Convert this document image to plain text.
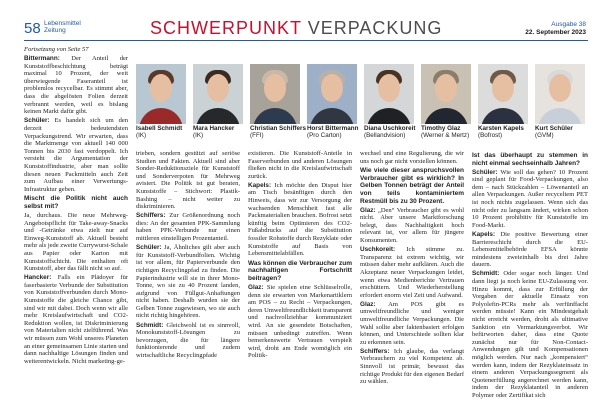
58 Lebensmittel
Zeitung	SCHWERPUNKT VERPACKUNG	Ausgabe 38
22. September 2023

Fortsetzung von Seite 57

Bittermann: Der Anteil der Kunststoffbeschichtung beträgt maximal 10 Prozent, der weit überwiegende Faseranteil ist problemlos recycelbar. Es stimmt aber, dass die abgelösten Folien derzeit verbrannt werden, weil es bislang keinen Markt dafür gibt.

Schüler: Es handelt sich um den derzeit bedeutendsten Verpackungstrend. Wir erwarten, dass die Marktmenge von aktuell 140 000 Tonnen bis 2030 fast verdoppelt. Ich versteht die Argumentation der Kunststoffindustrie, aber man sollte diesen neuen Packmitteln auch Zeit zum Aufbau einer Verwertungs-Infrastruktur geben.

Mischt die Politik nicht auch selbst mit?

Ja, durchaus. Die neue Mehrweg-Angebotspflicht für Take-away-Snacks und -Getränke etwa zielt nur auf Einweg-Kunststoff ab. Aktuell besteht mehr als jede zweite Currywurst-Schale aus Papier oder Karton mit Kunststoffschicht. Die enthalten oft Kunststoff, aber das fällt nicht so auf.

Hancker: Falls ein Plädoyer für faserbasierte Verbunde der Substitution von Kunststoffverbunden durch Mono-Kunststoffe die gleiche Chance gibt, sind wir mit dabei. Doch wenn wir alle mehr Kreislaufwirtschaft und CO2-Reduktion wollen, ist Diskriminierung von Materialien nicht zielführend. Was wir müssen zum Wohl unseres Planeten an einer gemeinsamen Linie starten und dann nachhaltige Lösungen finden und weiterentwickeln. Nicht marketing-ge-

Isabell Schmidt
(IK)
Mara Hancker
(IK)
Christian Schiffers
(FFI)
Horst Bittermann
(Pro Carton)
Diana Uschkoreit
(Bellandvision)
Timothy Glaz
(Werner & Mertz)
Karsten Kapels
(Bofrost)
Kurt Schüler
(GVM)

trieben, sondern gestützt auf seriöse Studien und Fakten. Aktuell sind aber Sonder-Reduktionsziele für Kunststoff und Sonderverpoten für Mehrweg avisiert. Die Politik ist gut beraten, Kunststoffe – Stichwort: Plastik-Bashing – nicht weiter zu diskriminieren.

Schiffers: Zur Größenordnung noch dies: An der gesamten PPK-Sammlung haben PPK-Verbunde nur einen mittleren einstelligen Prozentanteil.

Schüler: Ja, Ähnliches gilt aber auch für Kunststoff-Verbundfolien. Wichtig ist vor allem, für Papierverbunde den richtigen Recyclingpfad zu finden. Die Papierindustrie will sie in ihrer Mono-Tonne, wo sie zu 40 Prozent landen, aufgrund von Füllgut-Anhaftungen nicht haben. Deshalb wurden sie der Gelben Tonne zugewiesen, wo sie auch nicht richtig hingehören.

Schmidt: Gleichwohl ist es sinnvoll, Monokunststoff-Lösungen zu bevorzugen, die für längere funktionierende und zudem wirtschaftliche Recyclingpfade

existieren. Die Kunststoff-Anteile in Faserverbunden und anderen Lösungen fließen nicht in die Kreislaufwirtschaft zurück.

Kapels: Ich möchte den Disput hier am Tisch besänftigen durch den Hinweis, dass wir zur Versorgung der wachsenden Menschheit fast alle Packmaterialien brauchen. Bofrost setzt künftig beim Optimieren des CO2-Fußabdrucks auf die Substitution fossiler Rohstoffe durch Rezyklate oder Kunststoffe auf Basis von Lebensmittelabfällen.

Was können die Verbraucher zum nachhaltigen Fortschritt beitragen?

Glaz: Sie spielen eine Schlüsselrolle, denn sie erwarten von Markenartiklern am POS – zu Recht – Verpackungen, deren Umweltfreundlichkeit transparent und nachvollziehbar kommuniziert wird. An sie gesendete Botschaften, müssen unbedingt zutreffen. Wenn bemerkenswerte Vertrauen verspielt wird, droht am Ende womöglich ein Politik-

wechsel und eine Regulierung, die wir uns noch gar nicht vorstellen können.

Wie viele dieser anspruchsvollen Verbraucher gibt es wirklich? In Gelben Tonnen beträgt der Anteil von teils kontaminiertem Restmüll bis zu 30 Prozent.

Glaz: „Den“ Verbraucher gibt es wohl nicht. Aber unsere Marktforschung belegt, dass Nachhaltigkeit hoch relevant ist, vor allem für jüngere Konsumenten.

Uschkoreit: Ich stimme zu. Transparenz ist extrem wichtig, wir müssen daher mehr aufklären. Auch die Akzeptanz neuer Verpackungen leidet, wenn etwa Medienberichte Vertrauen erschüttern. Und Wiederherstellung erfordert enorm viel Zeit und Aufwand.

Glaz: Am POS gibt es umweltfreundliche und weniger umweltfreundliche Verpackungen. Die Wahl sollte aber faktenbasiert erfolgen können, und Unterschiede sollten klar zu erkennen sein.

Schiffers: Ich glaube, das verlangt Verbrauchern zu viel Kompetenz ab. Sinnvoll ist primär, bewusst das richtige Produkt für den eigenen Bedarf zu wählen.

Ist das überhaupt zu stemmen in nicht einmal sechseinhalb Jahren?

Schüler: Wie soll das gehen? 10 Prozent sind geplant für Food-Verpackungen, also dem – nach Stückzahlen – Löwenanteil an allen Verpackungen. Außer recyceltem PET ist noch nichts zugelassen. Wenn sich das nicht oder zu langsam ändert, wirken schon 10 Prozent prohibitiv für Kunststoffe im Food-Markt.

Kapels: Die positive Bewertung einer Barriereschicht durch die EU-Lebensmittelbehörde EFSA könnte mindestens zweieinhalb bis drei Jahre dauern.

Schmidt: Oder sogar noch länger. Und dann liegt ja noch keine EU-Zulassung vor. Hinzu kommt, dass zur Erfüllung der Vorgaben der aktuelle Einsatz von Polyolefin-PCRs mehr als verfünffacht werden müsste! Kann ein Mindestgehalt nicht erreicht werden, droht als ultimative Sanktion ein Vermarktungsverbot. Wir befürworten daher, dass eine Quote zunächst nur für Non-Contact-Anwendungen gilt und Kompensationen möglich werden. Nur nach „kompensiert“ werden kann, indem der Rezyklateinsatz in einem anderen Verpackungssegment als Quotenerfüllung angerechnet werden kann, indem der Rezyklatanteil in anderen Polymer oder Zertifikat sich
